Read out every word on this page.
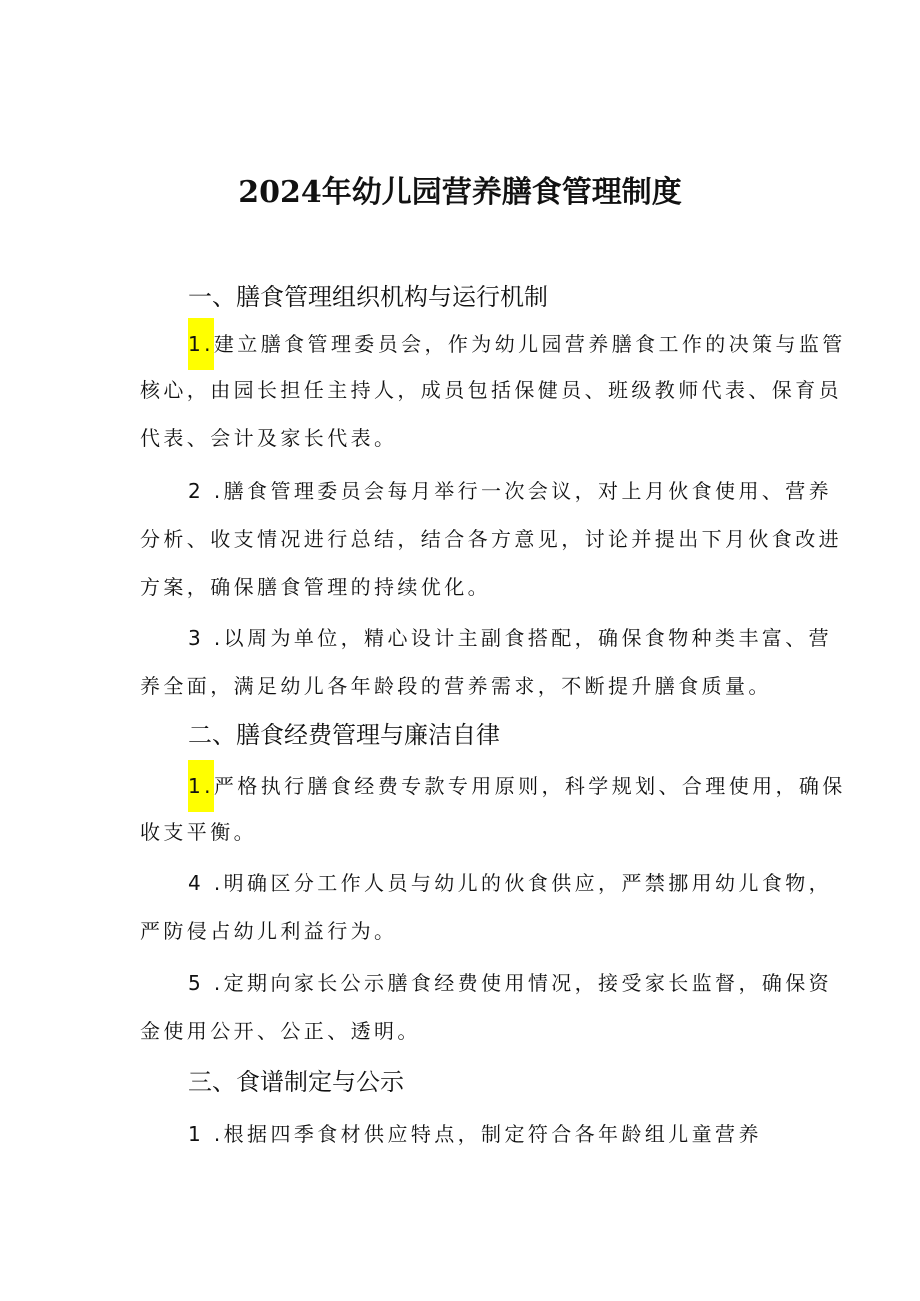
2024年幼儿园营养膳食管理制度
一、膳食管理组织机构与运行机制
1.建立膳食管理委员会，作为幼儿园营养膳食工作的决策与监管
核心，由园长担任主持人，成员包括保健员、班级教师代表、保育员
代表、会计及家长代表。
2 .膳食管理委员会每月举行一次会议，对上月伙食使用、营养
分析、收支情况进行总结，结合各方意见，讨论并提出下月伙食改进
方案，确保膳食管理的持续优化。
3 .以周为单位，精心设计主副食搭配，确保食物种类丰富、营
养全面，满足幼儿各年龄段的营养需求，不断提升膳食质量。
二、膳食经费管理与廉洁自律
1.严格执行膳食经费专款专用原则，科学规划、合理使用，确保
收支平衡。
4 .明确区分工作人员与幼儿的伙食供应，严禁挪用幼儿食物，
严防侵占幼儿利益行为。
5 .定期向家长公示膳食经费使用情况，接受家长监督，确保资
金使用公开、公正、透明。
三、食谱制定与公示
1 .根据四季食材供应特点，制定符合各年龄组儿童营养
